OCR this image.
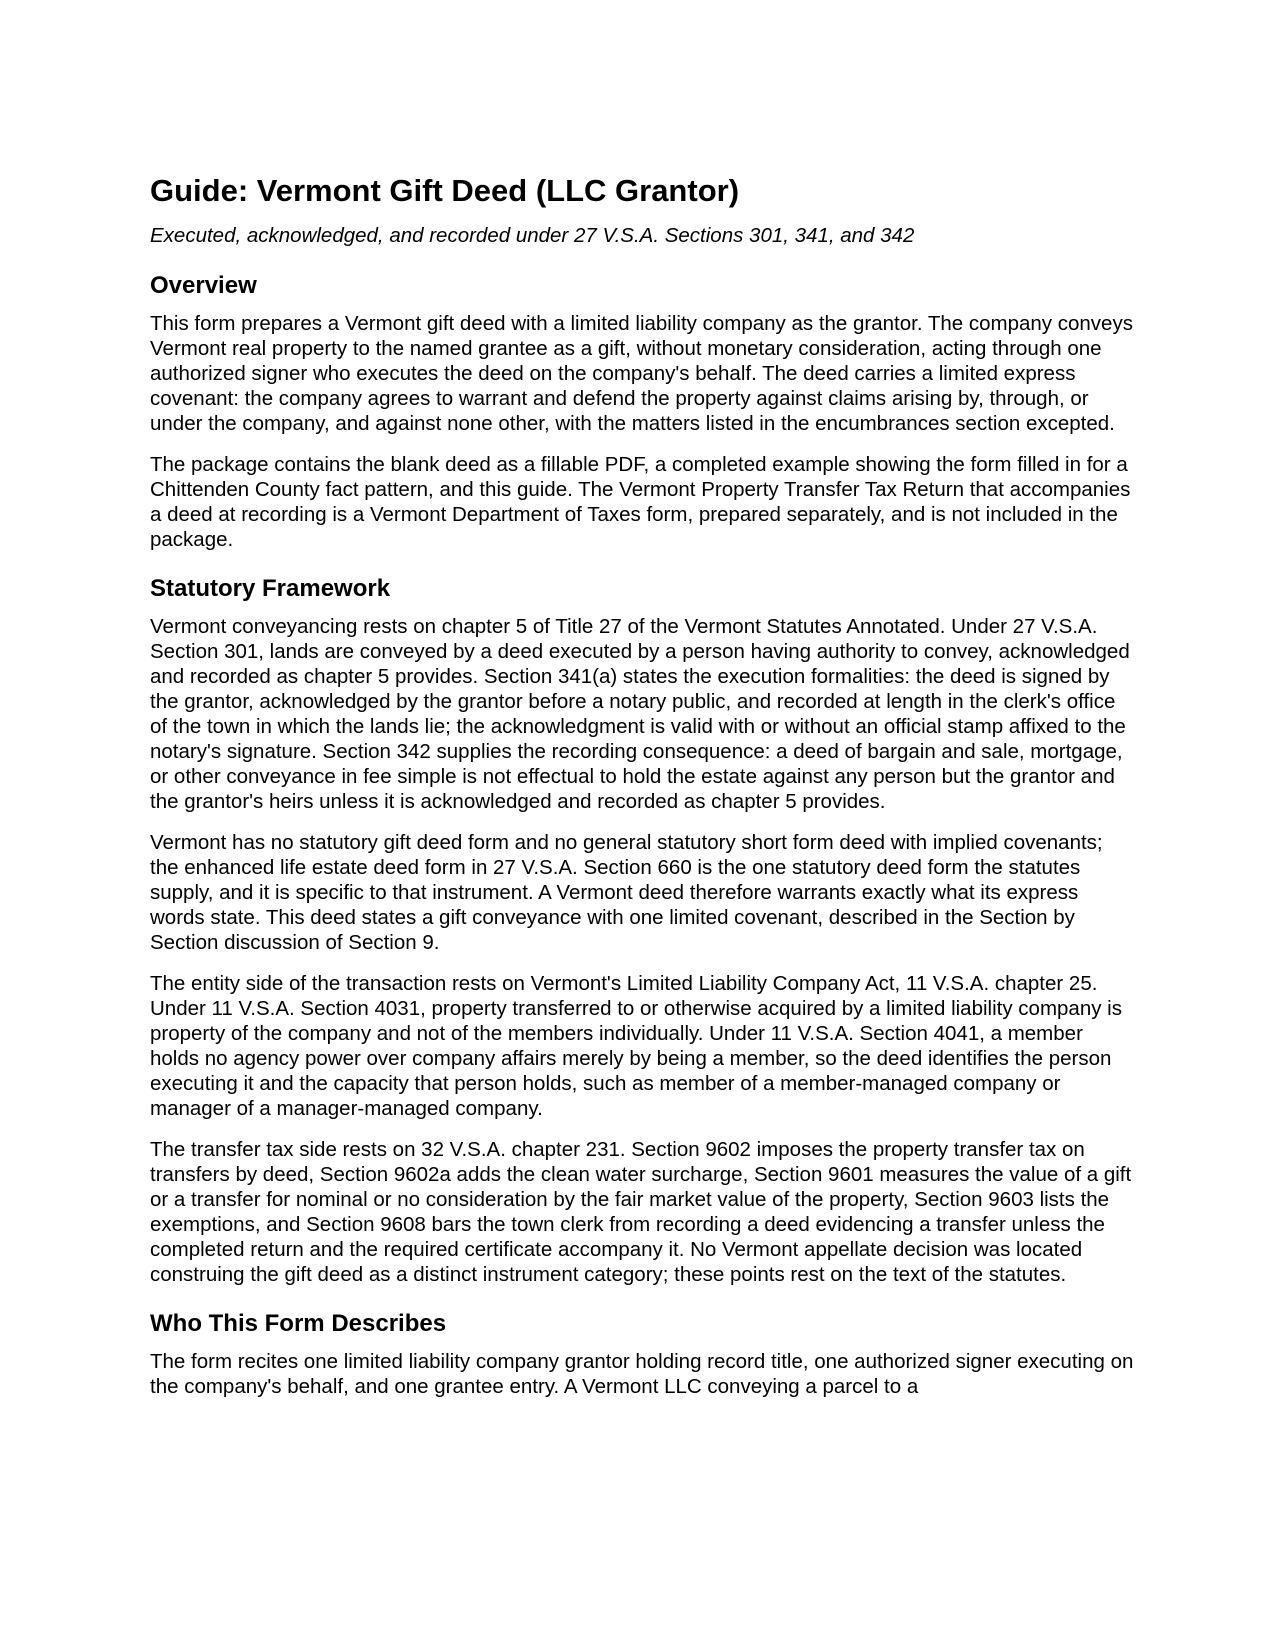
Guide: Vermont Gift Deed (LLC Grantor)
Executed, acknowledged, and recorded under 27 V.S.A. Sections 301, 341, and 342
Overview

This form prepares a Vermont gift deed with a limited liability company as the grantor. The company conveys Vermont real property to the named grantee as a gift, without monetary consideration, acting through one authorized signer who executes the deed on the company's behalf. The deed carries a limited express covenant: the company agrees to warrant and defend the property against claims arising by, through, or under the company, and against none other, with the matters listed in the encumbrances section excepted.

The package contains the blank deed as a fillable PDF, a completed example showing the form filled in for a Chittenden County fact pattern, and this guide. The Vermont Property Transfer Tax Return that accompanies a deed at recording is a Vermont Department of Taxes form, prepared separately, and is not included in the package.

Statutory Framework

Vermont conveyancing rests on chapter 5 of Title 27 of the Vermont Statutes Annotated. Under 27 V.S.A. Section 301, lands are conveyed by a deed executed by a person having authority to convey, acknowledged and recorded as chapter 5 provides. Section 341(a) states the execution formalities: the deed is signed by the grantor, acknowledged by the grantor before a notary public, and recorded at length in the clerk's office of the town in which the lands lie; the acknowledgment is valid with or without an official stamp affixed to the notary's signature. Section 342 supplies the recording consequence: a deed of bargain and sale, mortgage, or other conveyance in fee simple is not effectual to hold the estate against any person but the grantor and the grantor's heirs unless it is acknowledged and recorded as chapter 5 provides.

Vermont has no statutory gift deed form and no general statutory short form deed with implied covenants; the enhanced life estate deed form in 27 V.S.A. Section 660 is the one statutory deed form the statutes supply, and it is specific to that instrument. A Vermont deed therefore warrants exactly what its express words state. This deed states a gift conveyance with one limited covenant, described in the Section by Section discussion of Section 9.

The entity side of the transaction rests on Vermont's Limited Liability Company Act, 11 V.S.A. chapter 25. Under 11 V.S.A. Section 4031, property transferred to or otherwise acquired by a limited liability company is property of the company and not of the members individually. Under 11 V.S.A. Section 4041, a member holds no agency power over company affairs merely by being a member, so the deed identifies the person executing it and the capacity that person holds, such as member of a member-managed company or manager of a manager-managed company.

The transfer tax side rests on 32 V.S.A. chapter 231. Section 9602 imposes the property transfer tax on transfers by deed, Section 9602a adds the clean water surcharge, Section 9601 measures the value of a gift or a transfer for nominal or no consideration by the fair market value of the property, Section 9603 lists the exemptions, and Section 9608 bars the town clerk from recording a deed evidencing a transfer unless the completed return and the required certificate accompany it. No Vermont appellate decision was located construing the gift deed as a distinct instrument category; these points rest on the text of the statutes.

Who This Form Describes

The form recites one limited liability company grantor holding record title, one authorized signer executing on the company's behalf, and one grantee entry. A Vermont LLC conveying a parcel to a
